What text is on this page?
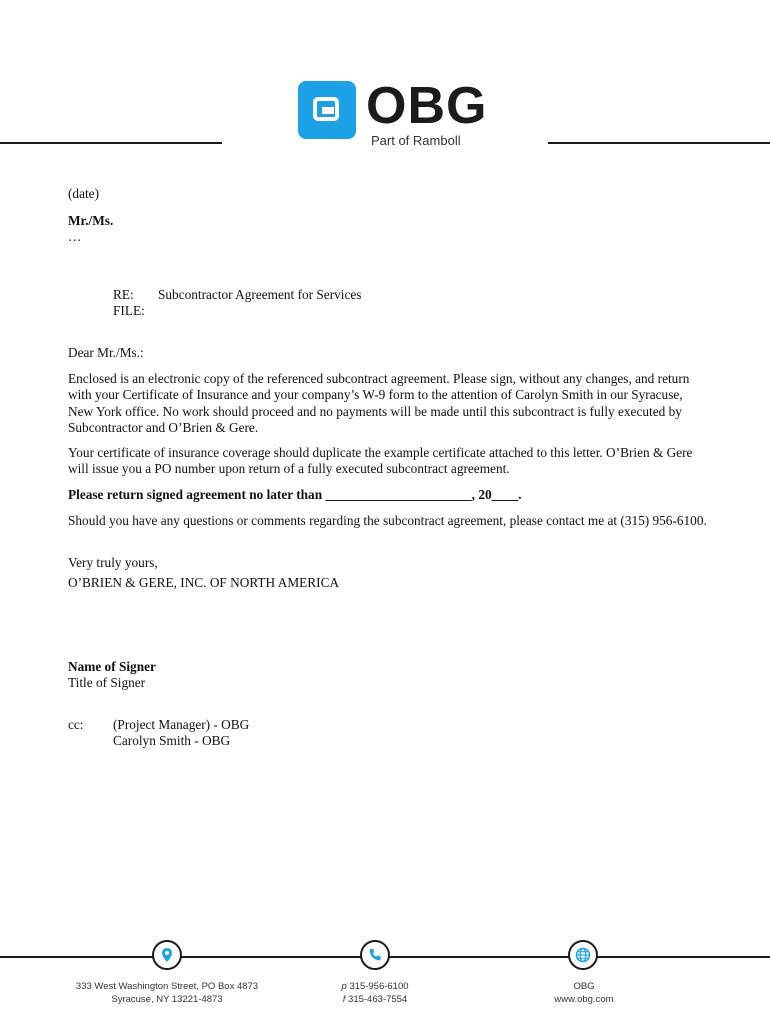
OBG
Part of Ramboll
(date)
Mr./Ms.
…
RE: Subcontractor Agreement for Services
FILE:
Dear Mr./Ms.:
Enclosed is an electronic copy of the referenced subcontract agreement. Please sign, without any changes, and return with your Certificate of Insurance and your company’s W-9 form to the attention of Carolyn Smith in our Syracuse, New York office. No work should proceed and no payments will be made until this subcontract is fully executed by Subcontractor and O’Brien & Gere.
Your certificate of insurance coverage should duplicate the example certificate attached to this letter. O’Brien & Gere will issue you a PO number upon return of a fully executed subcontract agreement.
Please return signed agreement no later than ______________________, 20____.
Should you have any questions or comments regarding the subcontract agreement, please contact me at (315) 956-6100.
Very truly yours,
O’BRIEN & GERE, INC. OF NORTH AMERICA
Name of Signer
Title of Signer
cc: (Project Manager) - OBG
Carolyn Smith - OBG
333 West Washington Street, PO Box 4873
Syracuse, NY 13221-4873
p 315-956-6100
f 315-463-7554
OBG
www.obg.com
